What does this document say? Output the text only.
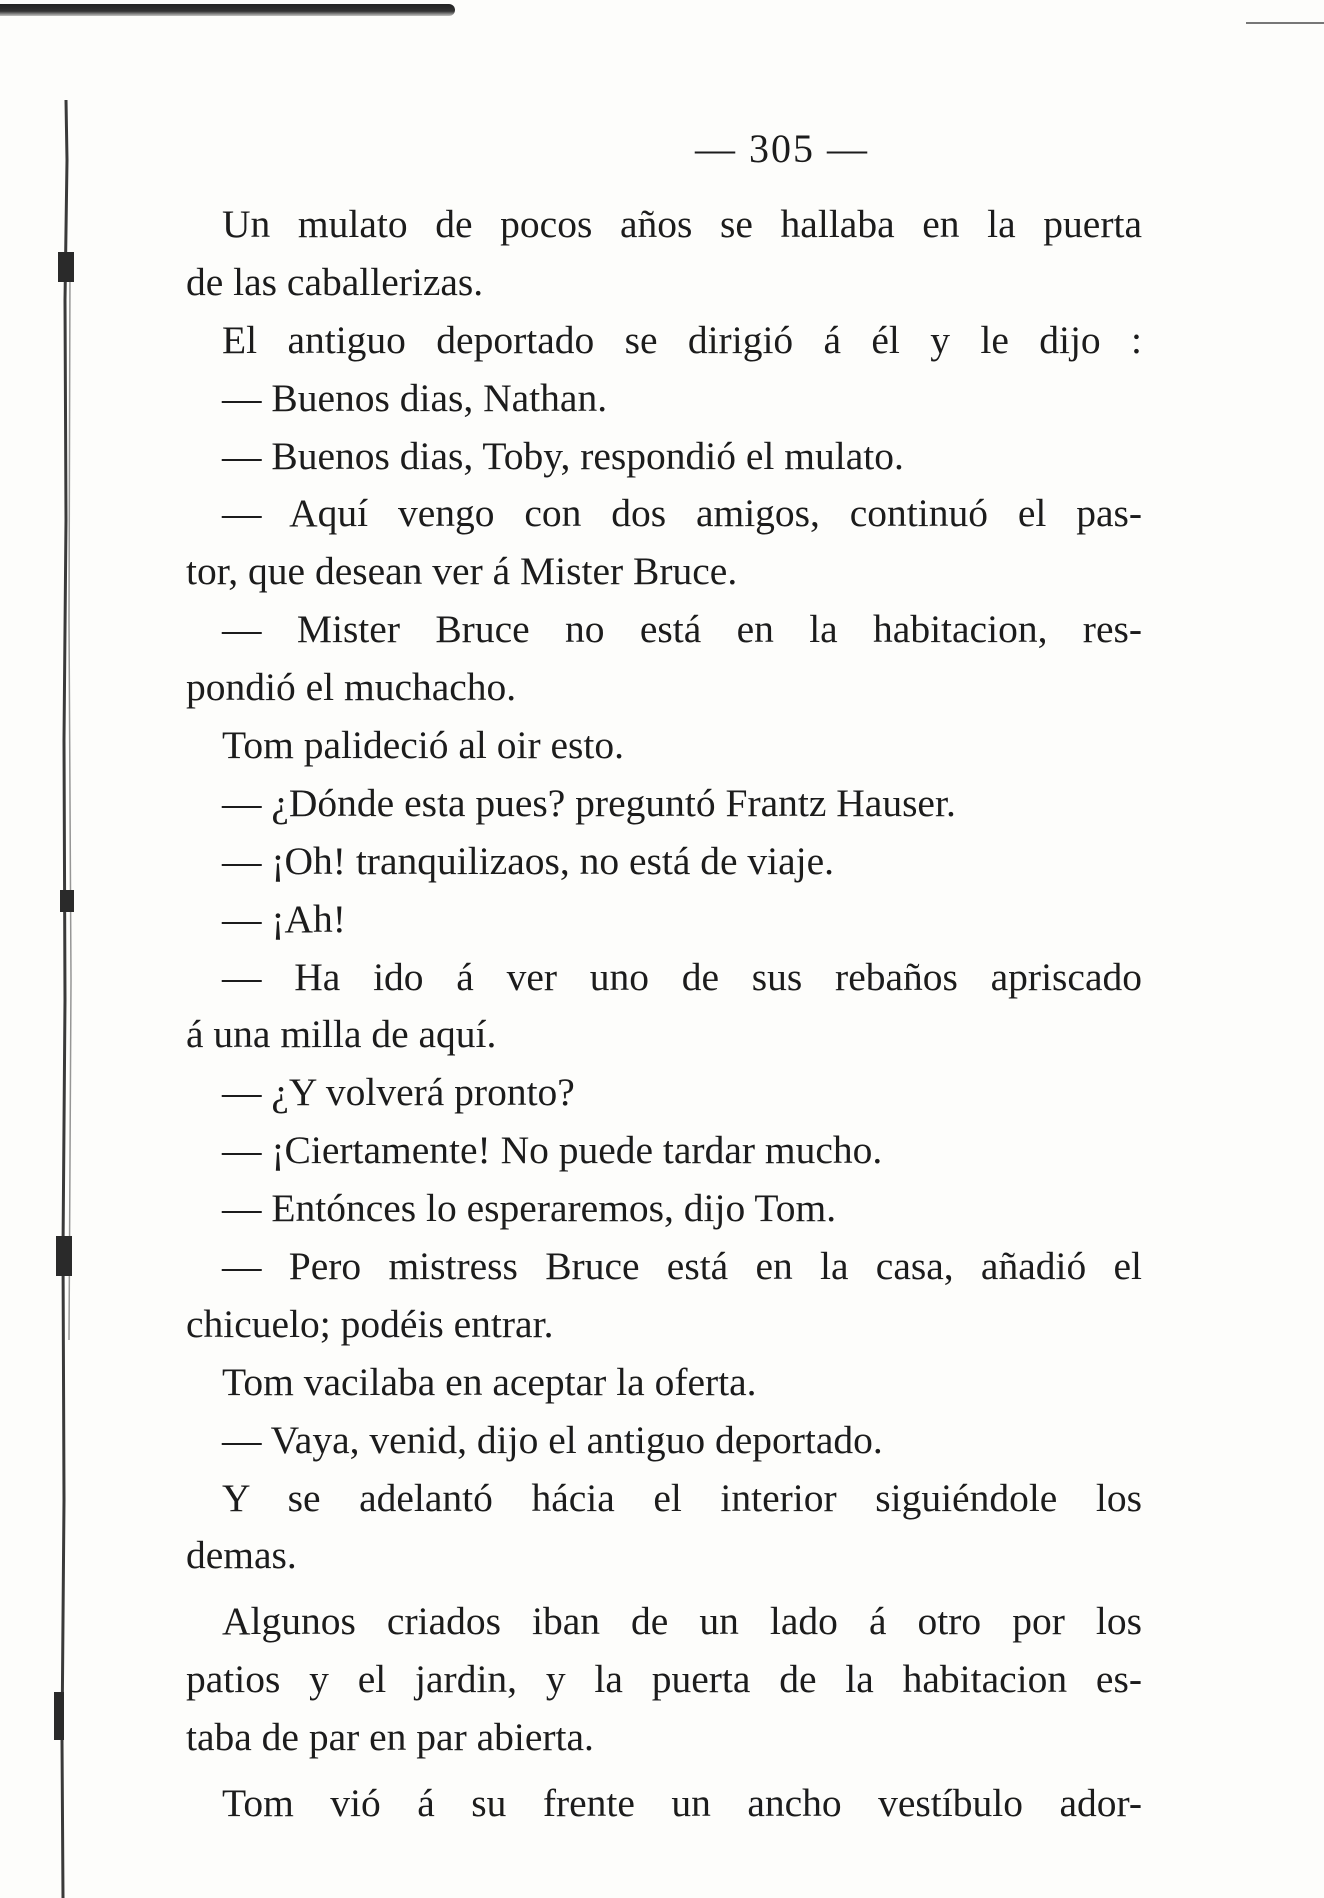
— 305 —
Un mulato de pocos años se hallaba en la puerta
de las caballerizas.
El antiguo deportado se dirigió á él y le dijo :
— Buenos dias, Nathan.
— Buenos dias, Toby, respondió el mulato.
— Aquí vengo con dos amigos, continuó el pas-
tor, que desean ver á Mister Bruce.
— Mister Bruce no está en la habitacion, res-
pondió el muchacho.
Tom palideció al oir esto.
— ¿Dónde esta pues? preguntó Frantz Hauser.
— ¡Oh! tranquilizaos, no está de viaje.
— ¡Ah!
— Ha ido á ver uno de sus rebaños apriscado
á una milla de aquí.
— ¿Y volverá pronto?
— ¡Ciertamente! No puede tardar mucho.
— Entónces lo esperaremos, dijo Tom.
— Pero mistress Bruce está en la casa, añadió el
chicuelo; podéis entrar.
Tom vacilaba en aceptar la oferta.
— Vaya, venid, dijo el antiguo deportado.
Y se adelantó hácia el interior siguiéndole los
demas.
Algunos criados iban de un lado á otro por los
patios y el jardin, y la puerta de la habitacion es-
taba de par en par abierta.
Tom vió á su frente un ancho vestíbulo ador-
